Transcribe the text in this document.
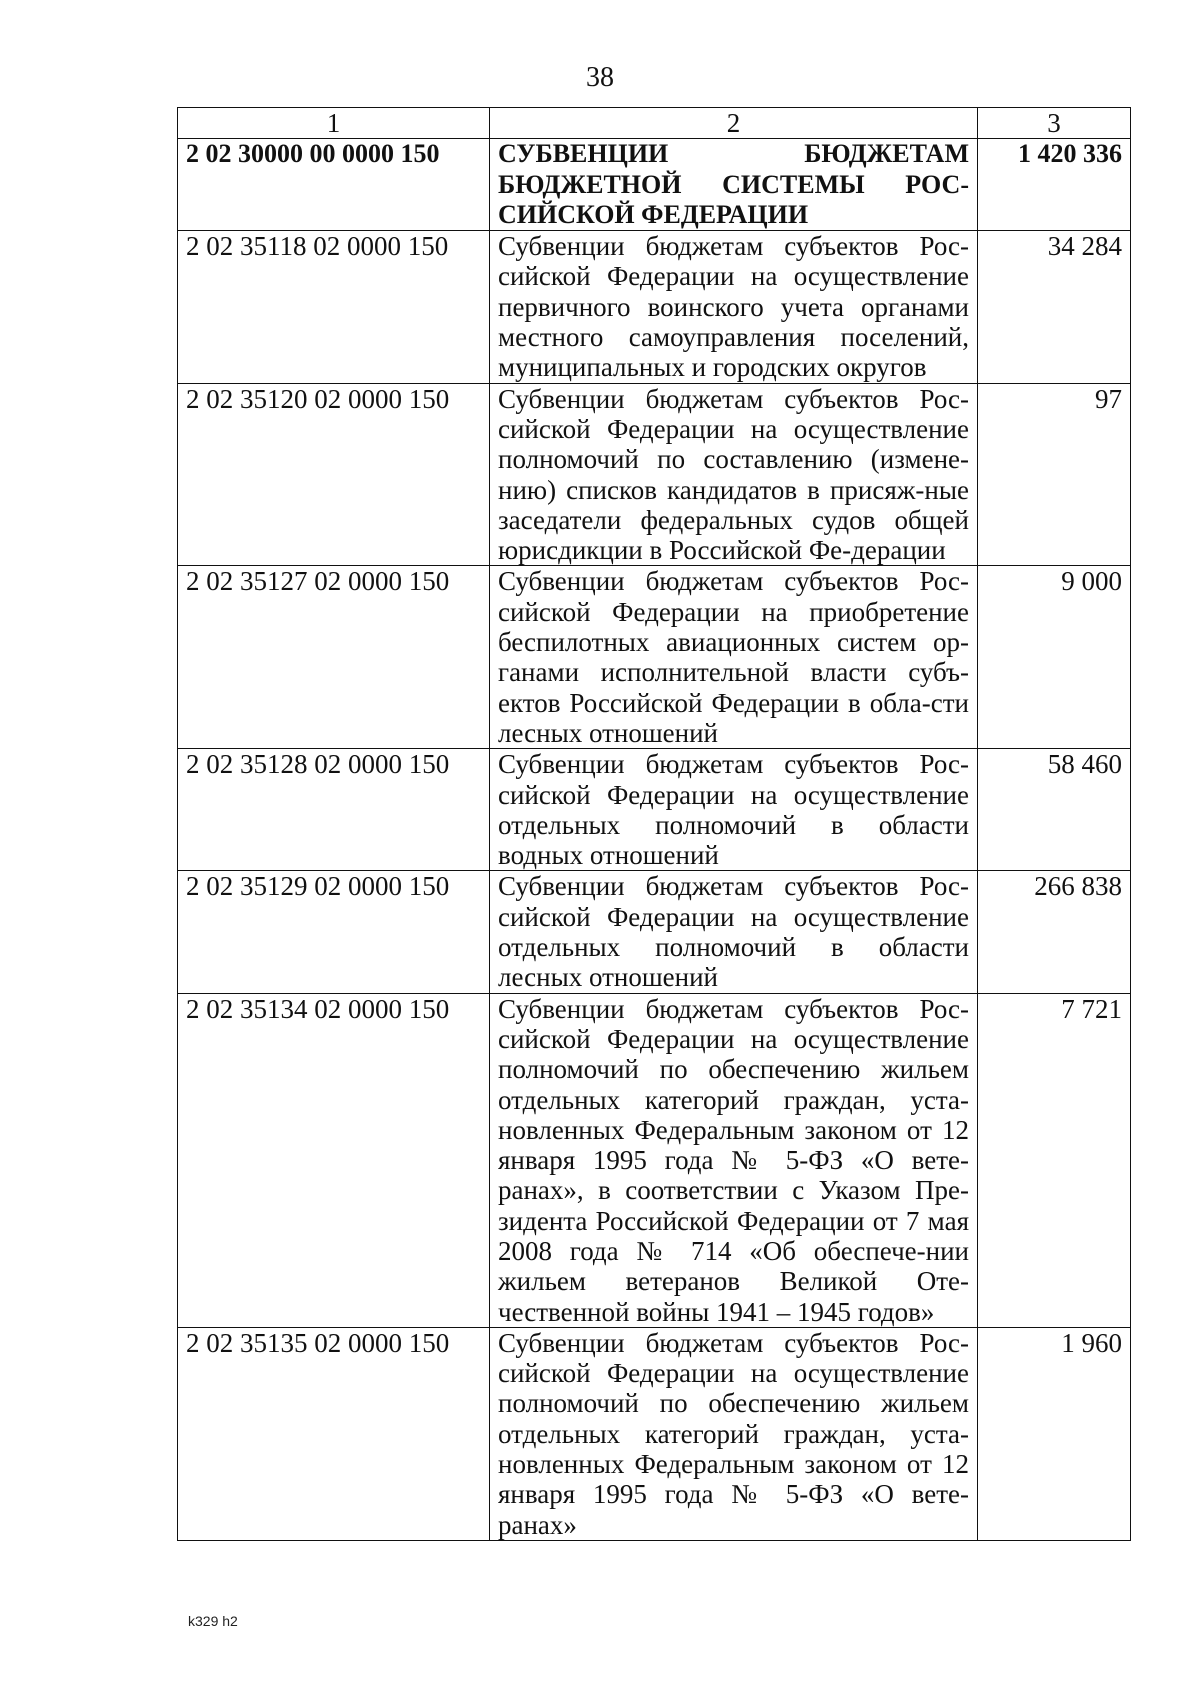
38
1	2	3
2 02 30000 00 0000 150	СУБВЕНЦИИ БЮДЖЕТАМ БЮДЖЕТНОЙ СИСТЕМЫ РОС-СИЙСКОЙ ФЕДЕРАЦИИ	1 420 336
2 02 35118 02 0000 150	Субвенции бюджетам субъектов Рос-сийской Федерации на осуществление первичного воинского учета органами местного самоуправления поселений, муниципальных и городских округов	34 284
2 02 35120 02 0000 150	Субвенции бюджетам субъектов Рос-сийской Федерации на осуществление полномочий по составлению (измене-нию) списков кандидатов в присяж-ные заседатели федеральных судов общей юрисдикции в Российской Фе-дерации	97
2 02 35127 02 0000 150	Субвенции бюджетам субъектов Рос-сийской Федерации на приобретение беспилотных авиационных систем ор-ганами исполнительной власти субъ-ектов Российской Федерации в обла-сти лесных отношений	9 000
2 02 35128 02 0000 150	Субвенции бюджетам субъектов Рос-сийской Федерации на осуществление отдельных полномочий в области водных отношений	58 460
2 02 35129 02 0000 150	Субвенции бюджетам субъектов Рос-сийской Федерации на осуществление отдельных полномочий в области лесных отношений	266 838
2 02 35134 02 0000 150	Субвенции бюджетам субъектов Рос-сийской Федерации на осуществление полномочий по обеспечению жильем отдельных категорий граждан, уста-новленных Федеральным законом от 12 января 1995 года № 5-ФЗ «О вете-ранах», в соответствии с Указом Пре-зидента Российской Федерации от 7 мая 2008 года № 714 «Об обеспече-нии жильем ветеранов Великой Оте-чественной войны 1941 – 1945 годов»	7 721
2 02 35135 02 0000 150	Субвенции бюджетам субъектов Рос-сийской Федерации на осуществление полномочий по обеспечению жильем отдельных категорий граждан, уста-новленных Федеральным законом от 12 января 1995 года № 5-ФЗ «О вете-ранах»	1 960
k329 h2
